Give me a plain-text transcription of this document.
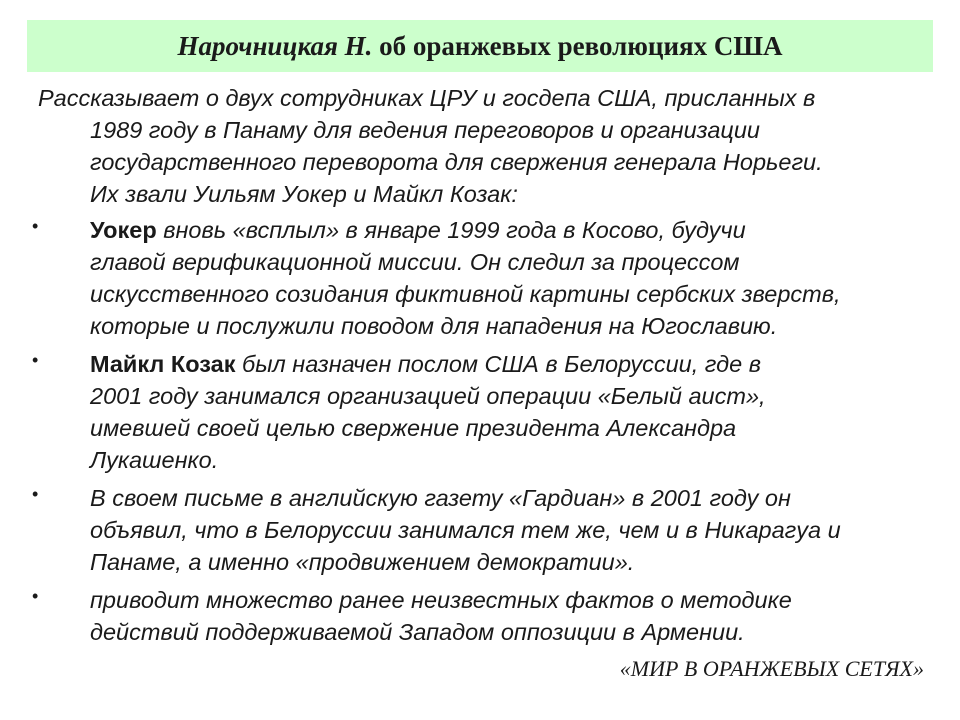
Нарочницкая Н. об оранжевых революциях США
Рассказывает о двух сотрудниках ЦРУ и госдепа США, присланных в
1989 году в Панаму для ведения переговоров и организации
государственного переворота для свержения генерала Норьеги.
Их звали Уильям Уокер и Майкл Козак:
• Уокер вновь «всплыл» в январе 1999 года в Косово, будучи
главой верификационной миссии. Он следил за процессом
искусственного созидания фиктивной картины сербских зверств,
которые и послужили поводом для нападения на Югославию.
• Майкл Козак был назначен послом США в Белоруссии, где в
2001 году занимался организацией операции «Белый аист»,
имевшей своей целью свержение президента Александра
Лукашенко.
• В своем письме в английскую газету «Гардиан» в 2001 году он
объявил, что в Белоруссии занимался тем же, чем и в Никарагуа и
Панаме, а именно «продвижением демократии».
• приводит множество ранее неизвестных фактов о методике
действий поддерживаемой Западом оппозиции в Армении.
«МИР В ОРАНЖЕВЫХ СЕТЯХ»
